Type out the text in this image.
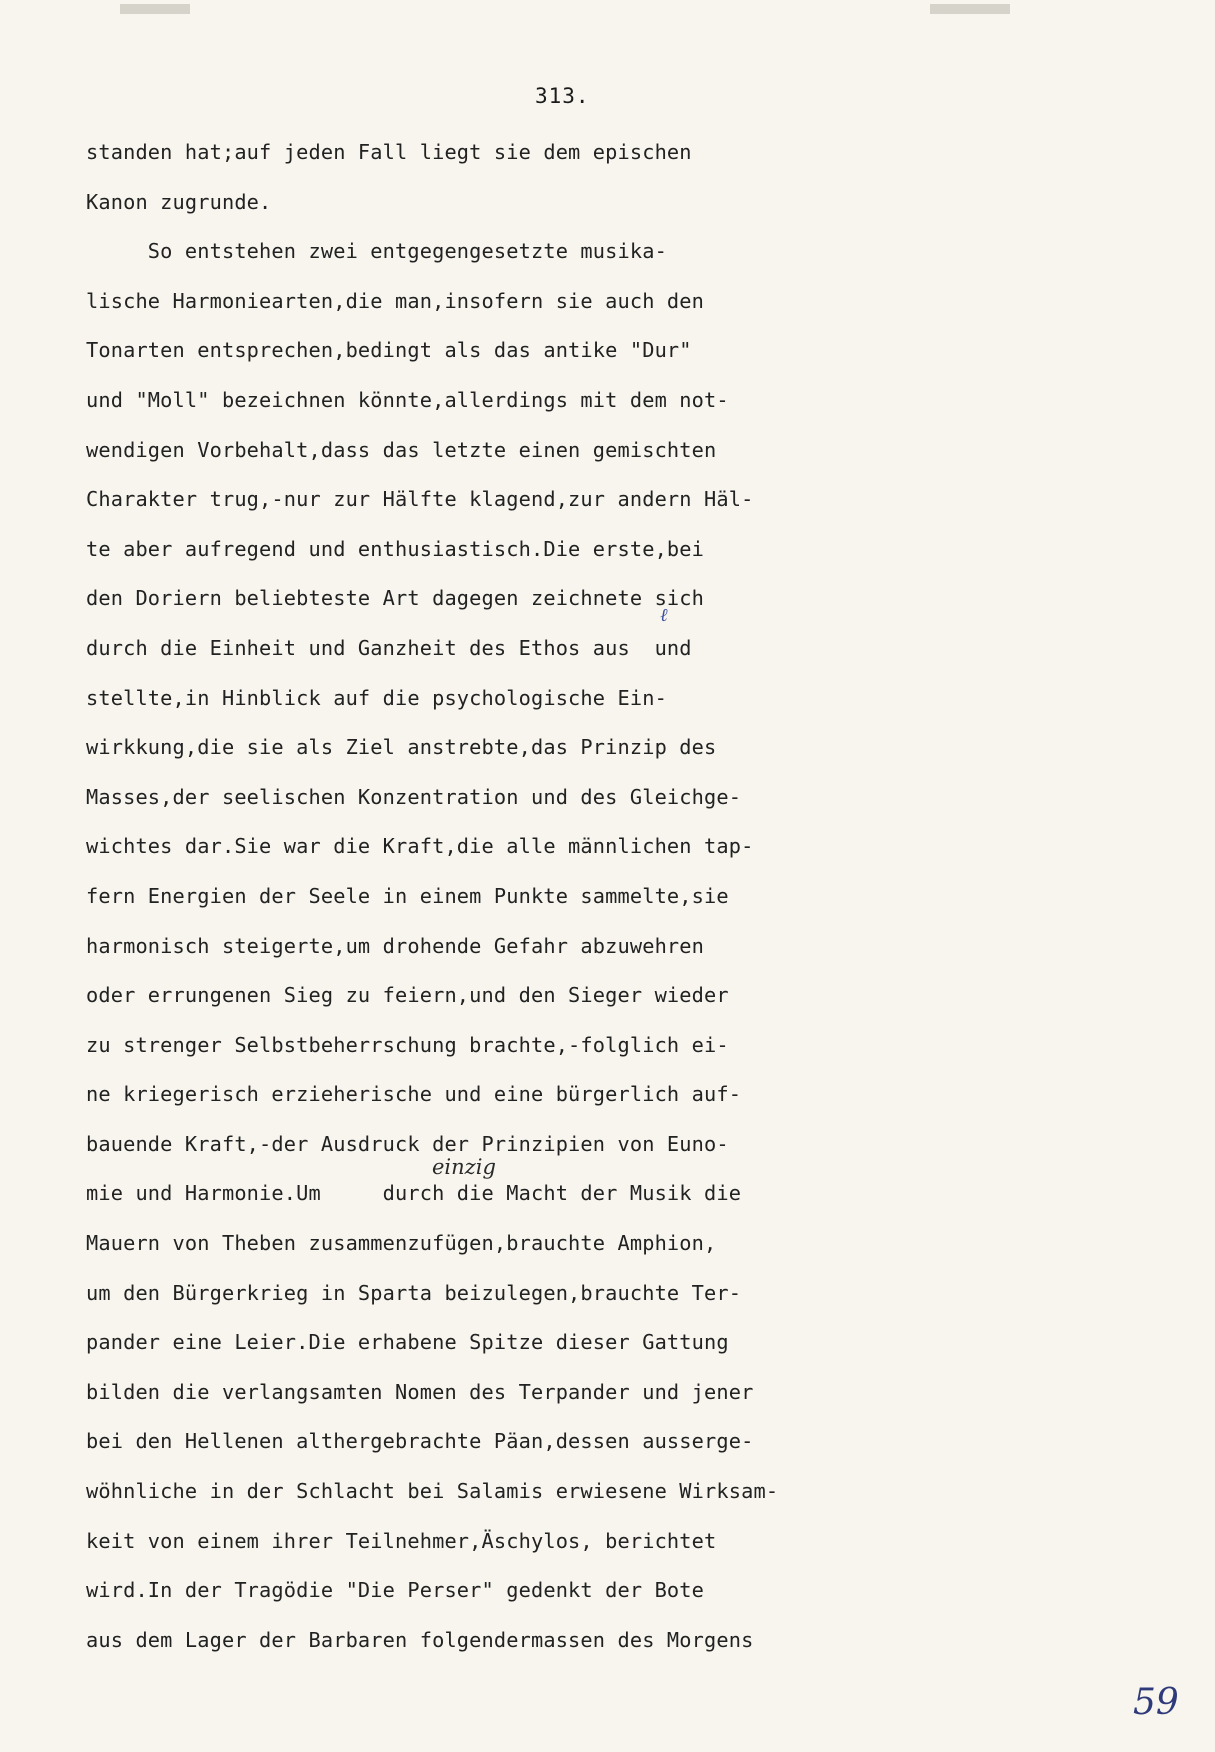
313.
standen hat;auf jeden Fall liegt sie dem epischen
Kanon zugrunde.
So entstehen zwei entgegengesetzte musika-
lische Harmoniearten,die man,insofern sie auch den
Tonarten entsprechen,bedingt als das antike "Dur"
und "Moll" bezeichnen könnte,allerdings mit dem not-
wendigen Vorbehalt,dass das letzte einen gemischten
Charakter trug,-nur zur Hälfte klagend,zur andern Häl-
te aber aufregend und enthusiastisch.Die erste,bei
den Doriern beliebteste Art dagegen zeichnete sich
durch die Einheit und Ganzheit des Ethos aus  und
stellte,in Hinblick auf die psychologische Ein-
wirkkung,die sie als Ziel anstrebte,das Prinzip des
Masses,der seelischen Konzentration und des Gleichge-
wichtes dar.Sie war die Kraft,die alle männlichen tap-
fern Energien der Seele in einem Punkte sammelte,sie
harmonisch steigerte,um drohende Gefahr abzuwehren
oder errungenen Sieg zu feiern,und den Sieger wieder
zu strenger Selbstbeherrschung brachte,-folglich ei-
ne kriegerisch erzieherische und eine bürgerlich auf-
bauende Kraft,-der Ausdruck der Prinzipien von Euno-
mie und Harmonie.Um     durch die Macht der Musik die
Mauern von Theben zusammenzufügen,brauchte Amphion,
um den Bürgerkrieg in Sparta beizulegen,brauchte Ter-
pander eine Leier.Die erhabene Spitze dieser Gattung
bilden die verlangsamten Nomen des Terpander und jener
bei den Hellenen althergebrachte Päan,dessen ausserge-
wöhnliche in der Schlacht bei Salamis erwiesene Wirksam-
keit von einem ihrer Teilnehmer,Äschylos, berichtet
wird.In der Tragödie "Die Perser" gedenkt der Bote
aus dem Lager der Barbaren folgendermassen des Morgens
einzig
ℓ
59
